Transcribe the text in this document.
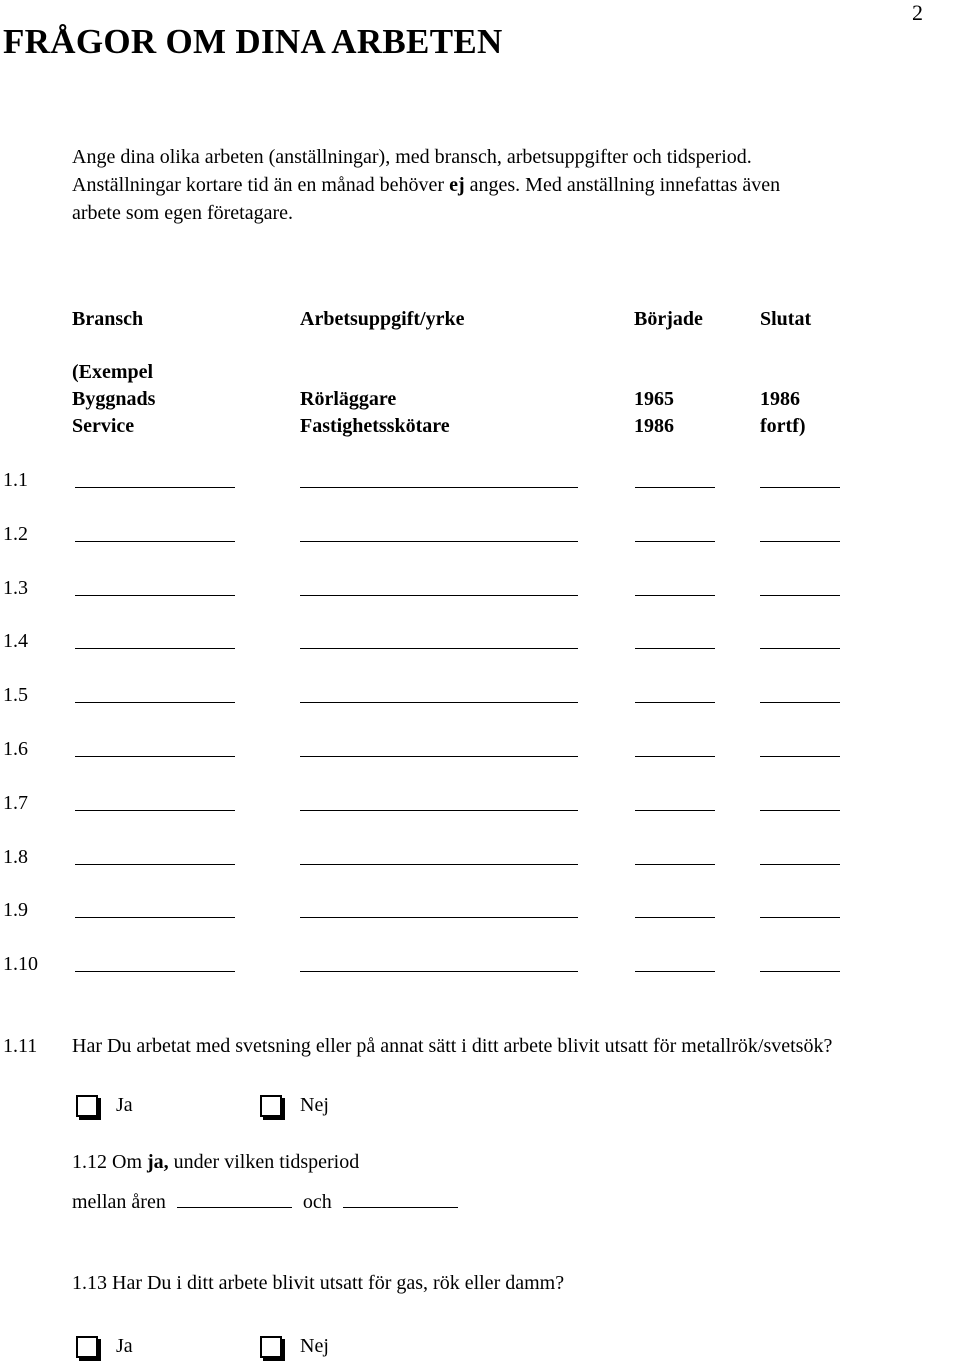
2
FRÅGOR OM DINA ARBETEN
Ange dina olika arbeten (anställningar), med bransch, arbetsuppgifter och tidsperiod.
Anställningar kortare tid än en månad behöver ej anges. Med anställning innefattas även
arbete som egen företagare.
Bransch	Arbetsuppgift/yrke	Började	Slutat
(Exempel
Byggnads	Rörläggare	1965	1986
Service	Fastighetsskötare	1986	fortf)
1.1
1.2
1.3
1.4
1.5
1.6
1.7
1.8
1.9
1.10
1.11 Har Du arbetat med svetsning eller på annat sätt i ditt arbete blivit utsatt för metallrök/svetsök?
Ja	Nej
1.12 Om ja, under vilken tidsperiod
mellan åren	och
1.13 Har Du i ditt arbete blivit utsatt för gas, rök eller damm?
Ja	Nej
